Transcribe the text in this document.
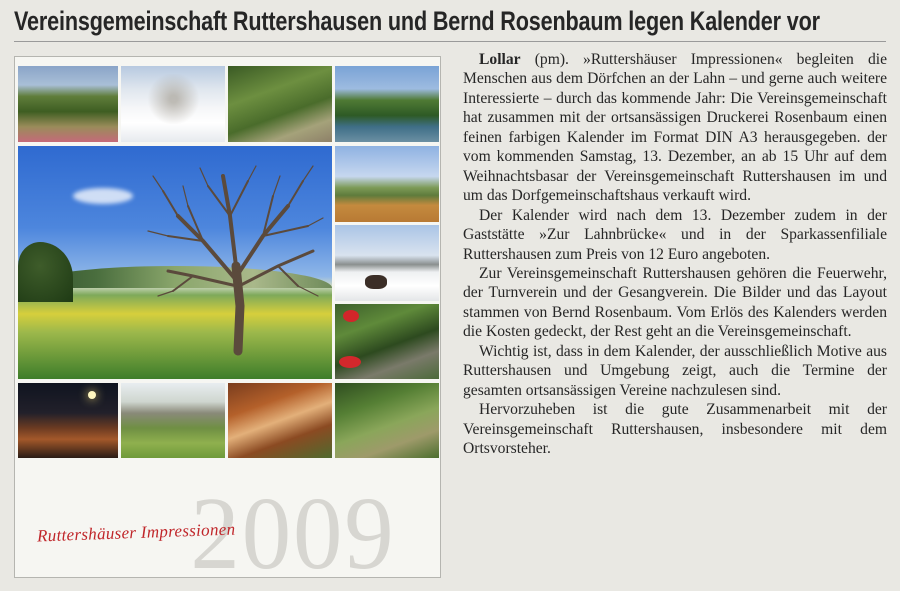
Vereinsgemeinschaft Ruttershausen und Bernd Rosenbaum legen Kalender vor
2009
Ruttershäuser Impressionen

Lollar (pm). »Ruttershäuser Impressionen« begleiten die Menschen aus dem Dörfchen an der Lahn – und gerne auch weitere Interessierte – durch das kommende Jahr: Die Vereinsgemeinschaft hat zusammen mit der ortsansässigen Druckerei Rosenbaum einen feinen farbigen Kalender im Format DIN A3 herausgegeben. der vom kommenden Samstag, 13. Dezember, an ab 15 Uhr auf dem Weihnachtsbasar der Vereinsgemeinschaft Ruttershausen im und um das Dorfgemeinschaftshaus verkauft wird.

Der Kalender wird nach dem 13. Dezember zudem in der Gaststätte »Zur Lahnbrücke« und in der Sparkassenfiliale Ruttershausen zum Preis von 12 Euro angeboten.

Zur Vereinsgemeinschaft Ruttershausen gehören die Feuerwehr, der Turnverein und der Gesangverein. Die Bilder und das Layout stammen von Bernd Rosenbaum. Vom Erlös des Kalenders werden die Kosten gedeckt, der Rest geht an die Vereinsgemeinschaft.

Wichtig ist, dass in dem Kalender, der ausschließlich Motive aus Ruttershausen und Umgebung zeigt, auch die Termine der gesamten ortsansässigen Vereine nachzulesen sind.

Hervorzuheben ist die gute Zusammenarbeit mit der Vereinsgemeinschaft Ruttershausen, insbesondere mit dem Ortsvorsteher.
